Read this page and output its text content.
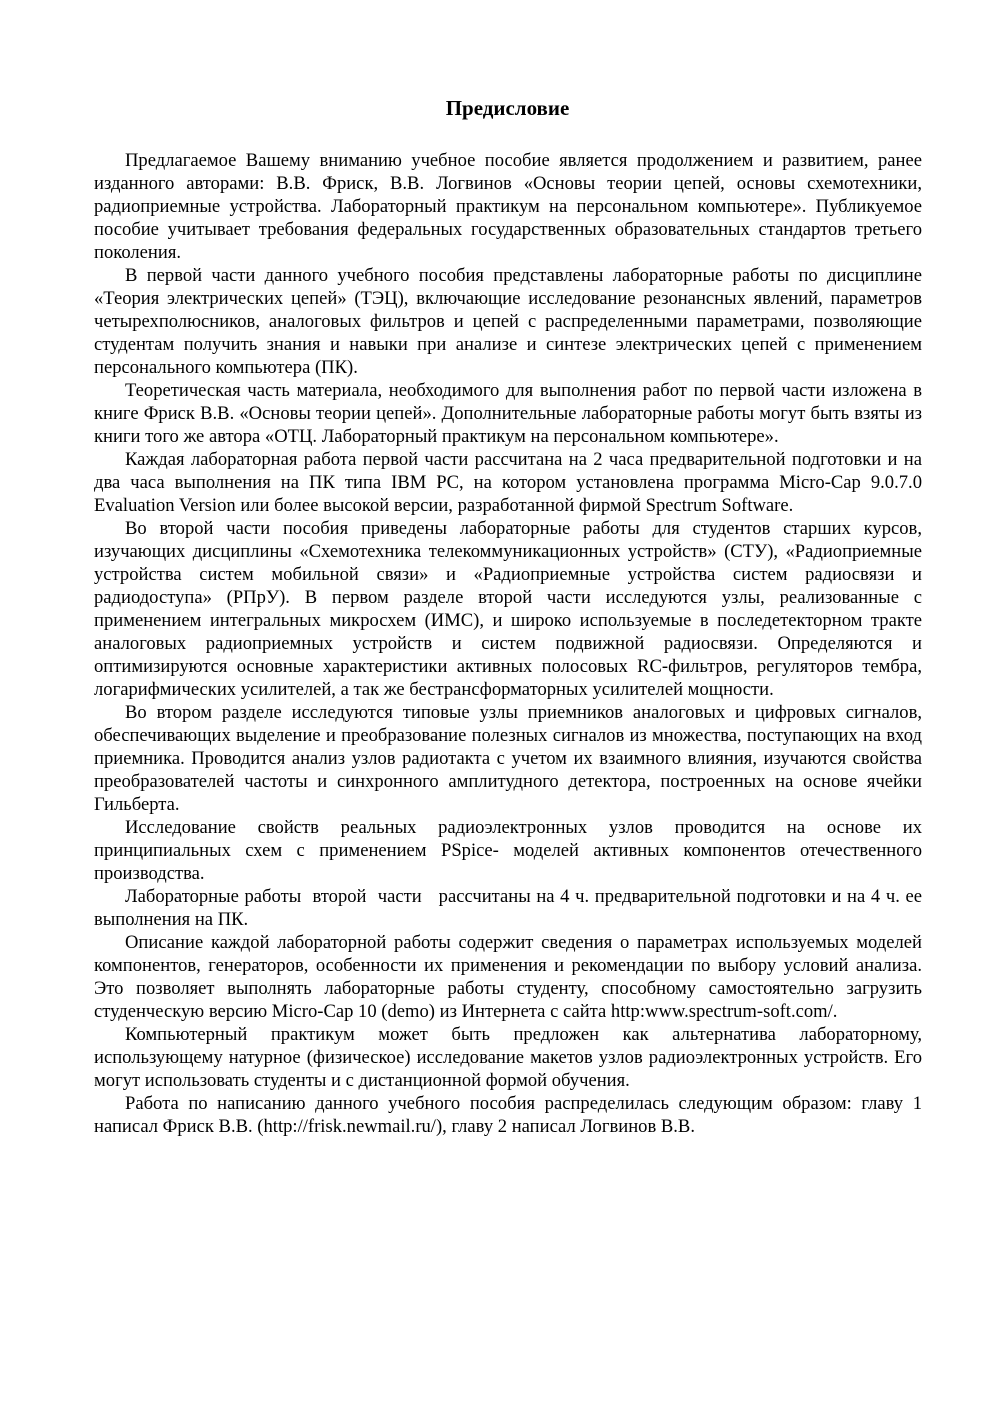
Предисловие

Предлагаемое Вашему вниманию учебное пособие является продолжением и развитием, ранее изданного авторами: В.В. Фриск, В.В. Логвинов «Основы теории цепей, основы схемотехники, радиоприемные устройства. Лабораторный практикум на персональном компьютере». Публикуемое пособие учитывает требования федеральных государственных образовательных стандартов третьего поколения.

В первой части данного учебного пособия представлены лабораторные работы по дисциплине «Теория электрических цепей» (ТЭЦ), включающие исследование резонансных явлений, параметров четырехполюсников, аналоговых фильтров и цепей с распределенными параметрами, позволяющие студентам получить знания и навыки при анализе и синтезе электрических цепей с применением персонального компьютера (ПК).

Теоретическая часть материала, необходимого для выполнения работ по первой части изложена в книге Фриск В.В. «Основы теории цепей». Дополнительные лабораторные работы могут быть взяты из книги того же автора «ОТЦ. Лабораторный практикум на персональном компьютере».

Каждая лабораторная работа первой части рассчитана на 2 часа предварительной подготовки и на два часа выполнения на ПК типа IBM PC, на котором установлена программа Micro-Cap 9.0.7.0 Evaluation Version или более высокой версии, разработанной фирмой Spectrum Software.

Во второй части пособия приведены лабораторные работы для студентов старших курсов, изучающих дисциплины «Схемотехника телекоммуникационных устройств» (СТУ), «Радиоприемные устройства систем мобильной связи» и «Радиоприемные устройства систем радиосвязи и радиодоступа» (РПрУ). В первом разделе второй части исследуются узлы, реализованные с применением интегральных микросхем (ИМС), и широко используемые в последетекторном тракте аналоговых радиоприемных устройств и систем подвижной радиосвязи. Определяются и оптимизируются основные характеристики активных полосовых RC-фильтров, регуляторов тембра, логарифмических усилителей, а так же бестрансформаторных усилителей мощности.

Во втором разделе исследуются типовые узлы приемников аналоговых и цифровых сигналов, обеспечивающих выделение и преобразование полезных сигналов из множества, поступающих на вход приемника. Проводится анализ узлов радиотакта с учетом их взаимного влияния, изучаются свойства преобразователей частоты и синхронного амплитудного детектора, построенных на основе ячейки Гильберта.

Исследование свойств реальных радиоэлектронных узлов проводится на основе их принципиальных схем с применением PSpice- моделей активных компонентов отечественного производства.

Лабораторные работы  второй  части   рассчитаны на 4 ч. предварительной подготовки и на 4 ч. ее выполнения на ПК.

Описание каждой лабораторной работы содержит сведения о параметрах используемых моделей компонентов, генераторов, особенности их применения и рекомендации по выбору условий анализа. Это позволяет выполнять лабораторные работы студенту, способному самостоятельно загрузить студенческую версию Micro-Cap 10 (demo) из Интернета с сайта http:www.spectrum-soft.com/.

Компьютерный практикум может быть предложен как альтернатива лабораторному, использующему натурное (физическое) исследование макетов узлов радиоэлектронных устройств. Его могут использовать студенты и с дистанционной формой обучения.

Работа по написанию данного учебного пособия распределилась следующим образом: главу 1 написал Фриск В.В. (http://frisk.newmail.ru/), главу 2 написал Логвинов В.В.
